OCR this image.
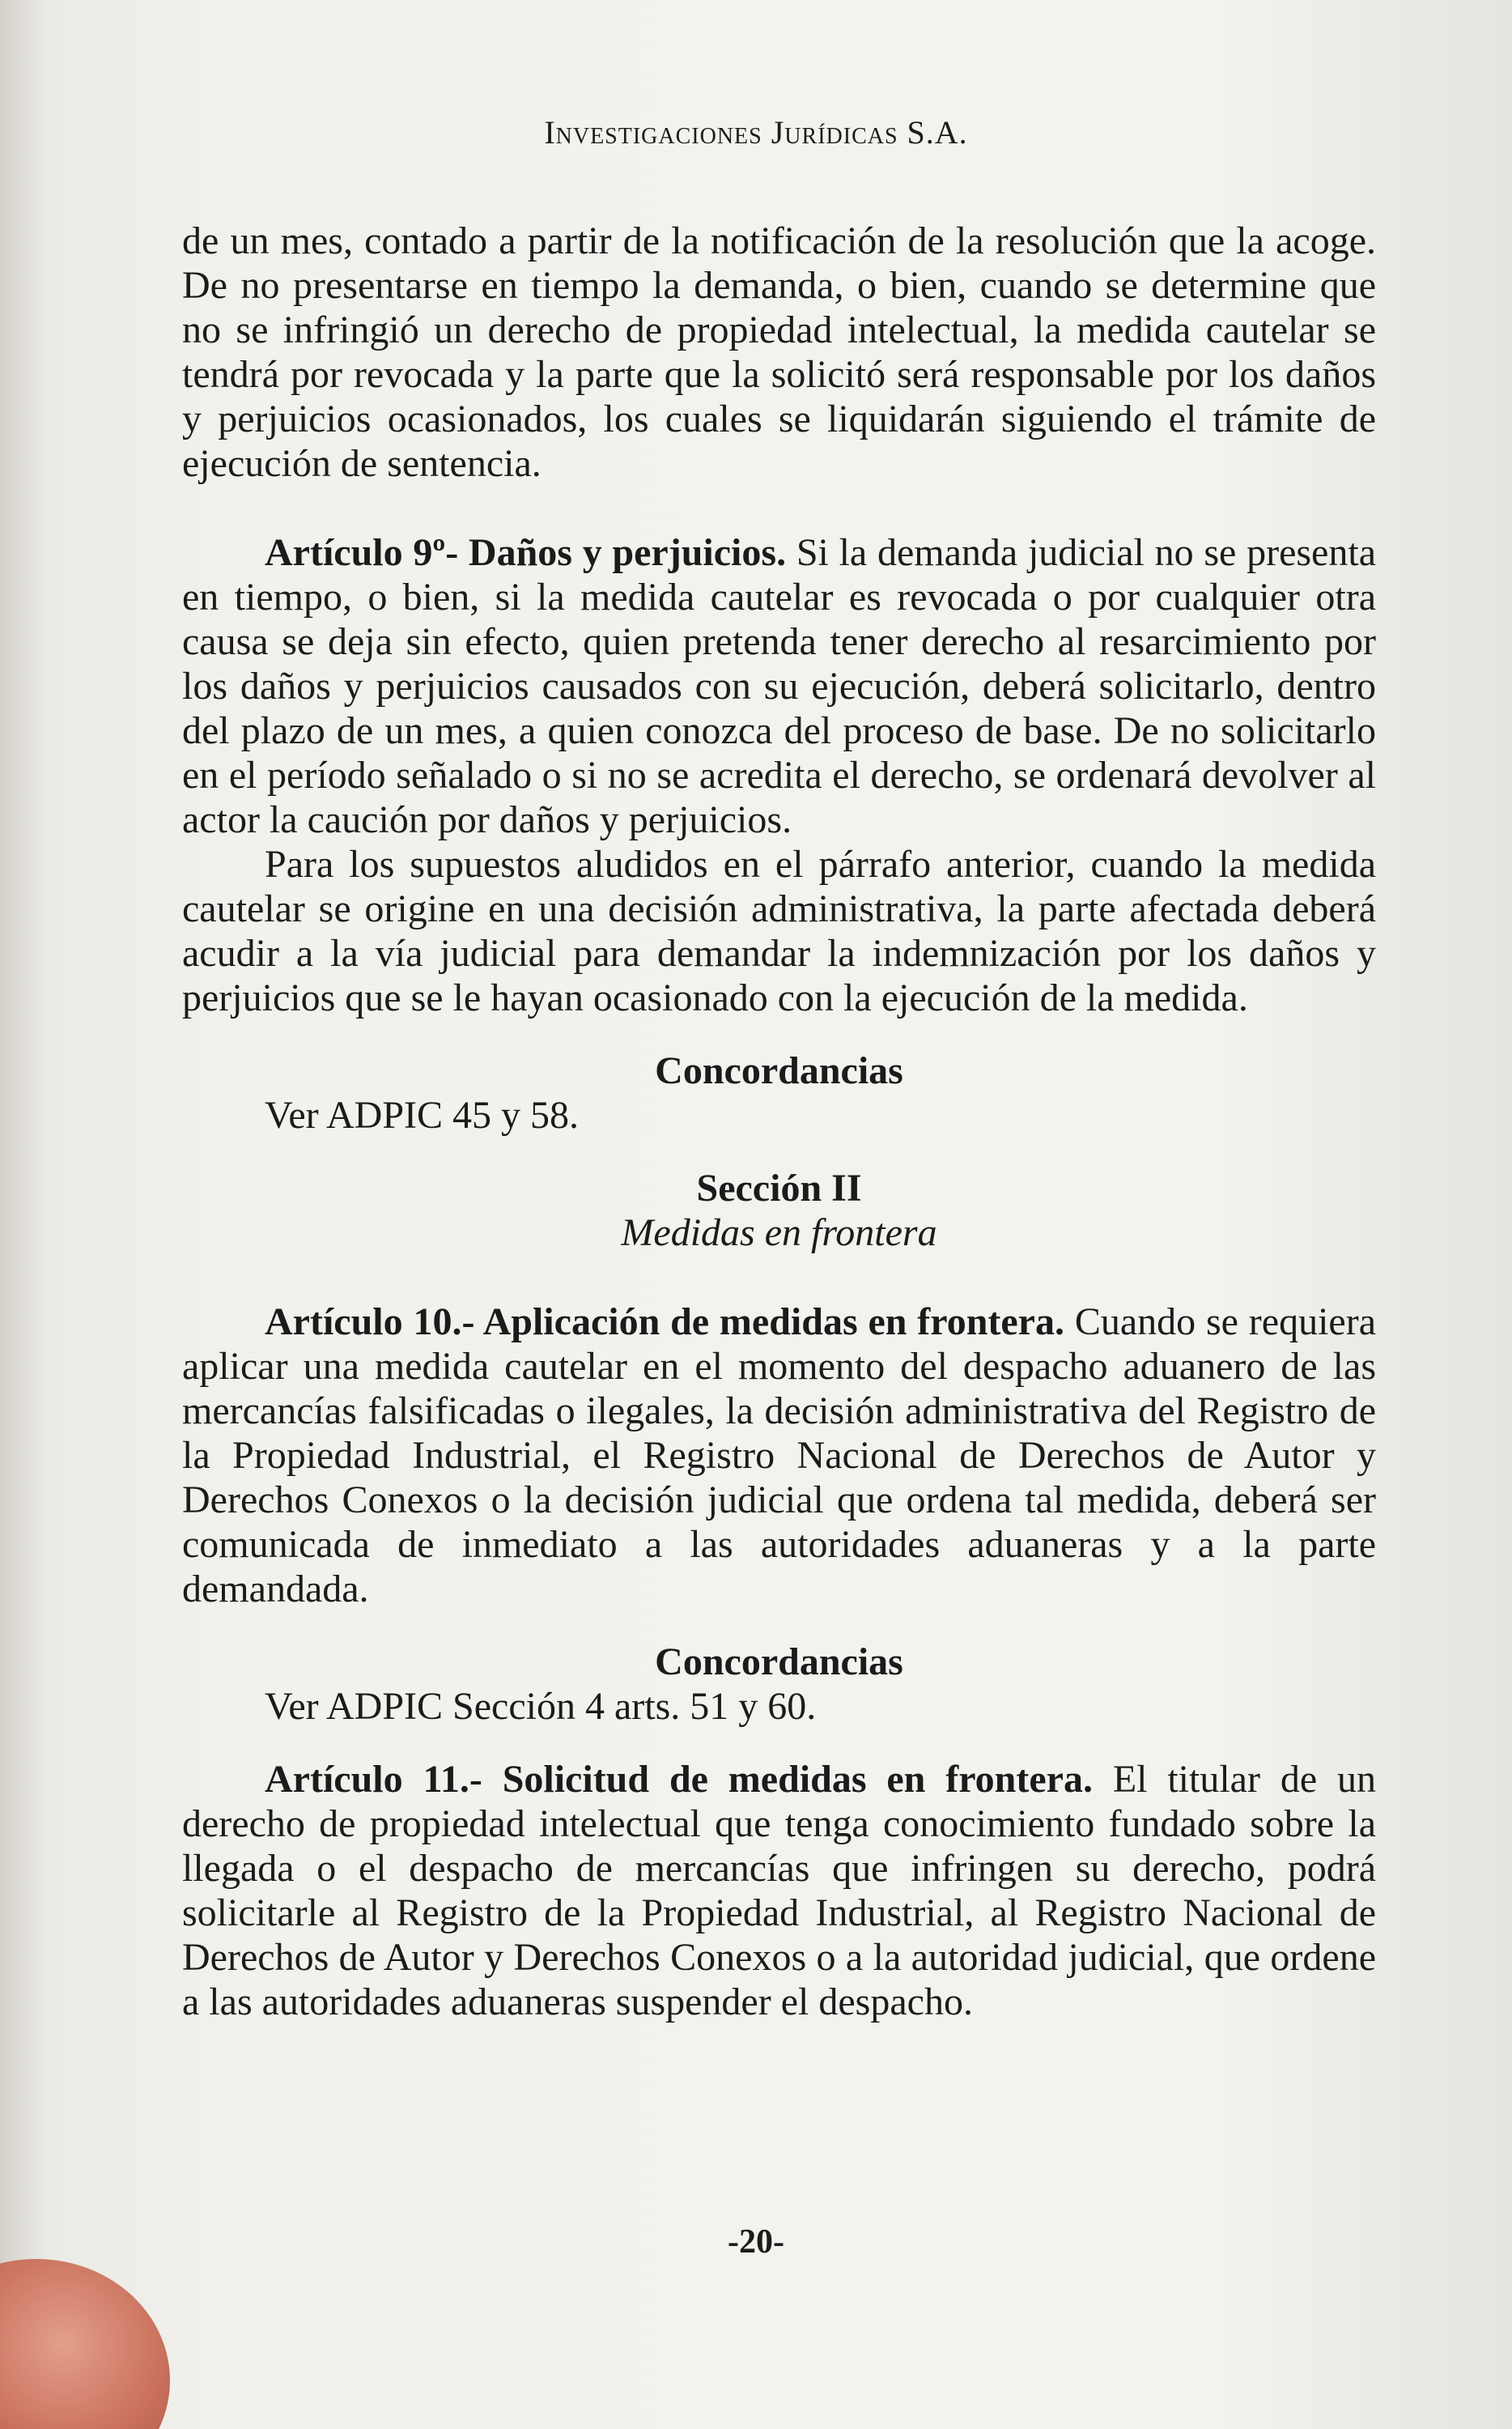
Investigaciones Jurídicas S.A.

de un mes, contado a partir de la notificación de la resolución que la acoge. De no presentarse en tiempo la demanda, o bien, cuando se determine que no se infringió un derecho de propiedad intelectual, la medida cautelar se tendrá por revocada y la parte que la solicitó será responsable por los daños y perjuicios ocasionados, los cuales se liquidarán siguiendo el trámite de ejecución de sentencia.

Artículo 9º- Daños y perjuicios. Si la demanda judicial no se presenta en tiempo, o bien, si la medida cautelar es revocada o por cualquier otra causa se deja sin efecto, quien pretenda tener derecho al resarcimiento por los daños y perjuicios causados con su ejecución, deberá solicitarlo, dentro del plazo de un mes, a quien conozca del proceso de base. De no solicitarlo en el período señalado o si no se acredita el derecho, se ordenará devolver al actor la caución por daños y perjuicios.

Para los supuestos aludidos en el párrafo anterior, cuando la medida cautelar se origine en una decisión administrativa, la parte afectada deberá acudir a la vía judicial para demandar la indemnización por los daños y perjuicios que se le hayan ocasionado con la ejecución de la medida.

Concordancias

Ver ADPIC 45 y 58.

Sección II

Medidas en frontera

Artículo 10.- Aplicación de medidas en frontera. Cuando se requiera aplicar una medida cautelar en el momento del despacho aduanero de las mercancías falsificadas o ilegales, la decisión administrativa del Registro de la Propiedad Industrial, el Registro Nacional de Derechos de Autor y Derechos Conexos o la decisión judicial que ordena tal medida, deberá ser comunicada de inmediato a las autoridades aduaneras y a la parte demandada.

Concordancias

Ver ADPIC Sección 4 arts. 51 y 60.

Artículo 11.- Solicitud de medidas en frontera. El titular de un derecho de propiedad intelectual que tenga conocimiento fundado sobre la llegada o el despacho de mercancías que infringen su derecho, podrá solicitarle al Registro de la Propiedad Industrial, al Registro Nacional de Derechos de Autor y Derechos Conexos o a la autoridad judicial, que ordene a las autoridades aduaneras suspender el despacho.

-20-
